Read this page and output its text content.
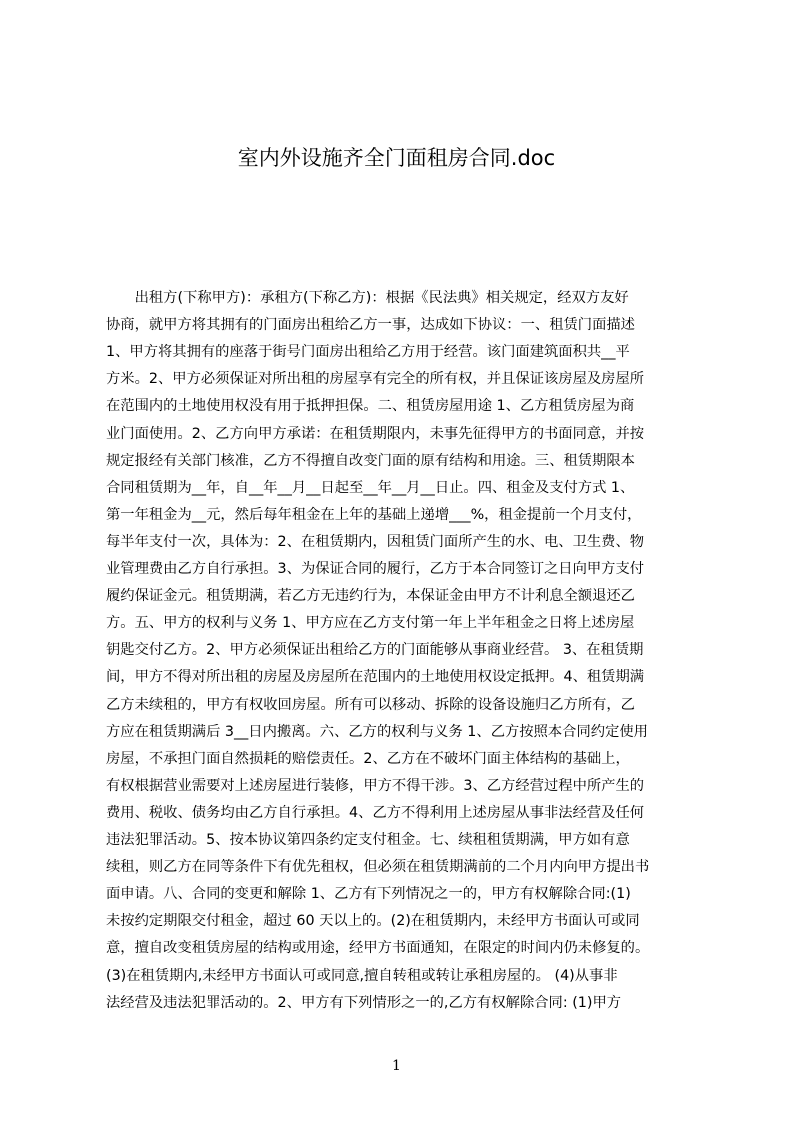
室内外设施齐全门面租房合同.doc
　　出租方(下称甲方)：承租方(下称乙方)：根据《民法典》相关规定，经双方友好
协商，就甲方将其拥有的门面房出租给乙方一事，达成如下协议：一、租赁门面描述
1、甲方将其拥有的座落于街号门面房出租给乙方用于经营。该门面建筑面积共__平
方米。2、甲方必须保证对所出租的房屋享有完全的所有权，并且保证该房屋及房屋所
在范围内的土地使用权没有用于抵押担保。二、租赁房屋用途 1、乙方租赁房屋为商
业门面使用。2、乙方向甲方承诺：在租赁期限内，未事先征得甲方的书面同意，并按
规定报经有关部门核准，乙方不得擅自改变门面的原有结构和用途。三、租赁期限本
合同租赁期为__年，自__年__月__日起至__年__月__日止。四、租金及支付方式 1、
第一年租金为__元，然后每年租金在上年的基础上递增___%，租金提前一个月支付，
每半年支付一次，具体为：2、在租赁期内，因租赁门面所产生的水、电、卫生费、物
业管理费由乙方自行承担。3、为保证合同的履行，乙方于本合同签订之日向甲方支付
履约保证金元。租赁期满，若乙方无违约行为，本保证金由甲方不计利息全额退还乙
方。五、甲方的权利与义务 1、甲方应在乙方支付第一年上半年租金之日将上述房屋
钥匙交付乙方。2、甲方必须保证出租给乙方的门面能够从事商业经营。 3、在租赁期
间，甲方不得对所出租的房屋及房屋所在范围内的土地使用权设定抵押。4、租赁期满
乙方未续租的，甲方有权收回房屋。所有可以移动、拆除的设备设施归乙方所有，乙
方应在租赁期满后 3__日内搬离。六、乙方的权利与义务 1、乙方按照本合同约定使用
房屋，不承担门面自然损耗的赔偿责任。2、乙方在不破坏门面主体结构的基础上，
有权根据营业需要对上述房屋进行装修，甲方不得干涉。3、乙方经营过程中所产生的
费用、税收、债务均由乙方自行承担。4、乙方不得利用上述房屋从事非法经营及任何
违法犯罪活动。5、按本协议第四条约定支付租金。七、续租租赁期满，甲方如有意
续租，则乙方在同等条件下有优先租权，但必须在租赁期满前的二个月内向甲方提出书
面申请。八、合同的变更和解除 1、乙方有下列情况之一的，甲方有权解除合同:(1)
未按约定期限交付租金，超过 60 天以上的。(2)在租赁期内，未经甲方书面认可或同
意，擅自改变租赁房屋的结构或用途，经甲方书面通知，在限定的时间内仍未修复的。
(3)在租赁期内,未经甲方书面认可或同意,擅自转租或转让承租房屋的。 (4)从事非
法经营及违法犯罪活动的。2、甲方有下列情形之一的,乙方有权解除合同: (1)甲方
1
